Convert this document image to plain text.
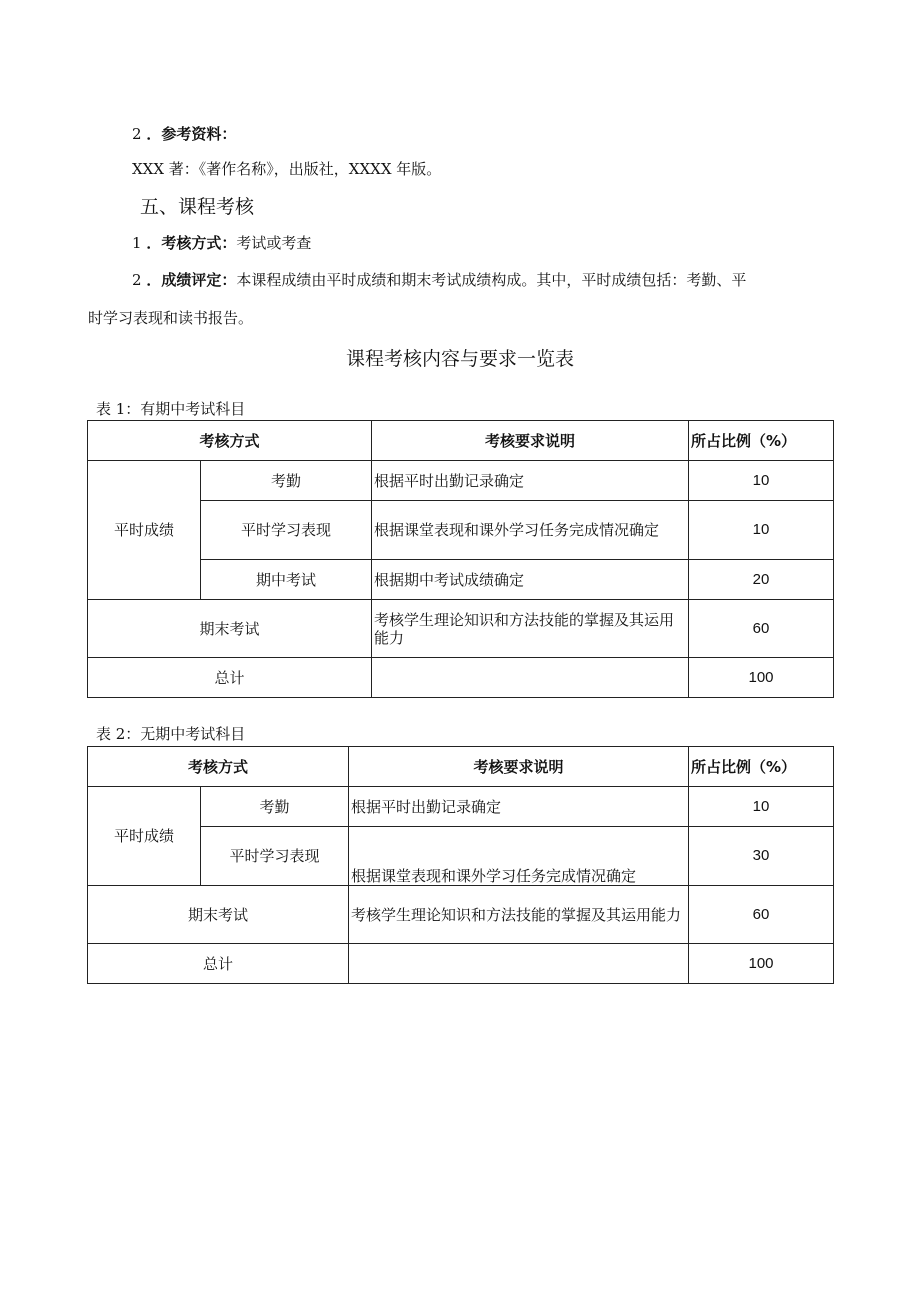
2 ．参考资料：
XXX 著：《著作名称》，出版社，XXXX 年版。
五、课程考核
1 ．考核方式：考试或考查
2 ．成绩评定：本课程成绩由平时成绩和期末考试成绩构成。其中，平时成绩包括：考勤、平
时学习表现和读书报告。
课程考核内容与要求一览表
表 1：有期中考试科目
考核方式		考核要求说明	所占比例（%）
平时成绩	考勤	根据平时出勤记录确定	10
	平时学习表现	根据课堂表现和课外学习任务完成情况确定	10
	期中考试	根据期中考试成绩确定	20
期末考试		考核学生理论知识和方法技能的掌握及其运用能力	60
总计			100
表 2：无期中考试科目
考核方式		考核要求说明	所占比例（%）
平时成绩	考勤	根据平时出勤记录确定	10
	平时学习表现	根据课堂表现和课外学习任务完成情况确定	30
期末考试		考核学生理论知识和方法技能的掌握及其运用能力	60
总计			100
